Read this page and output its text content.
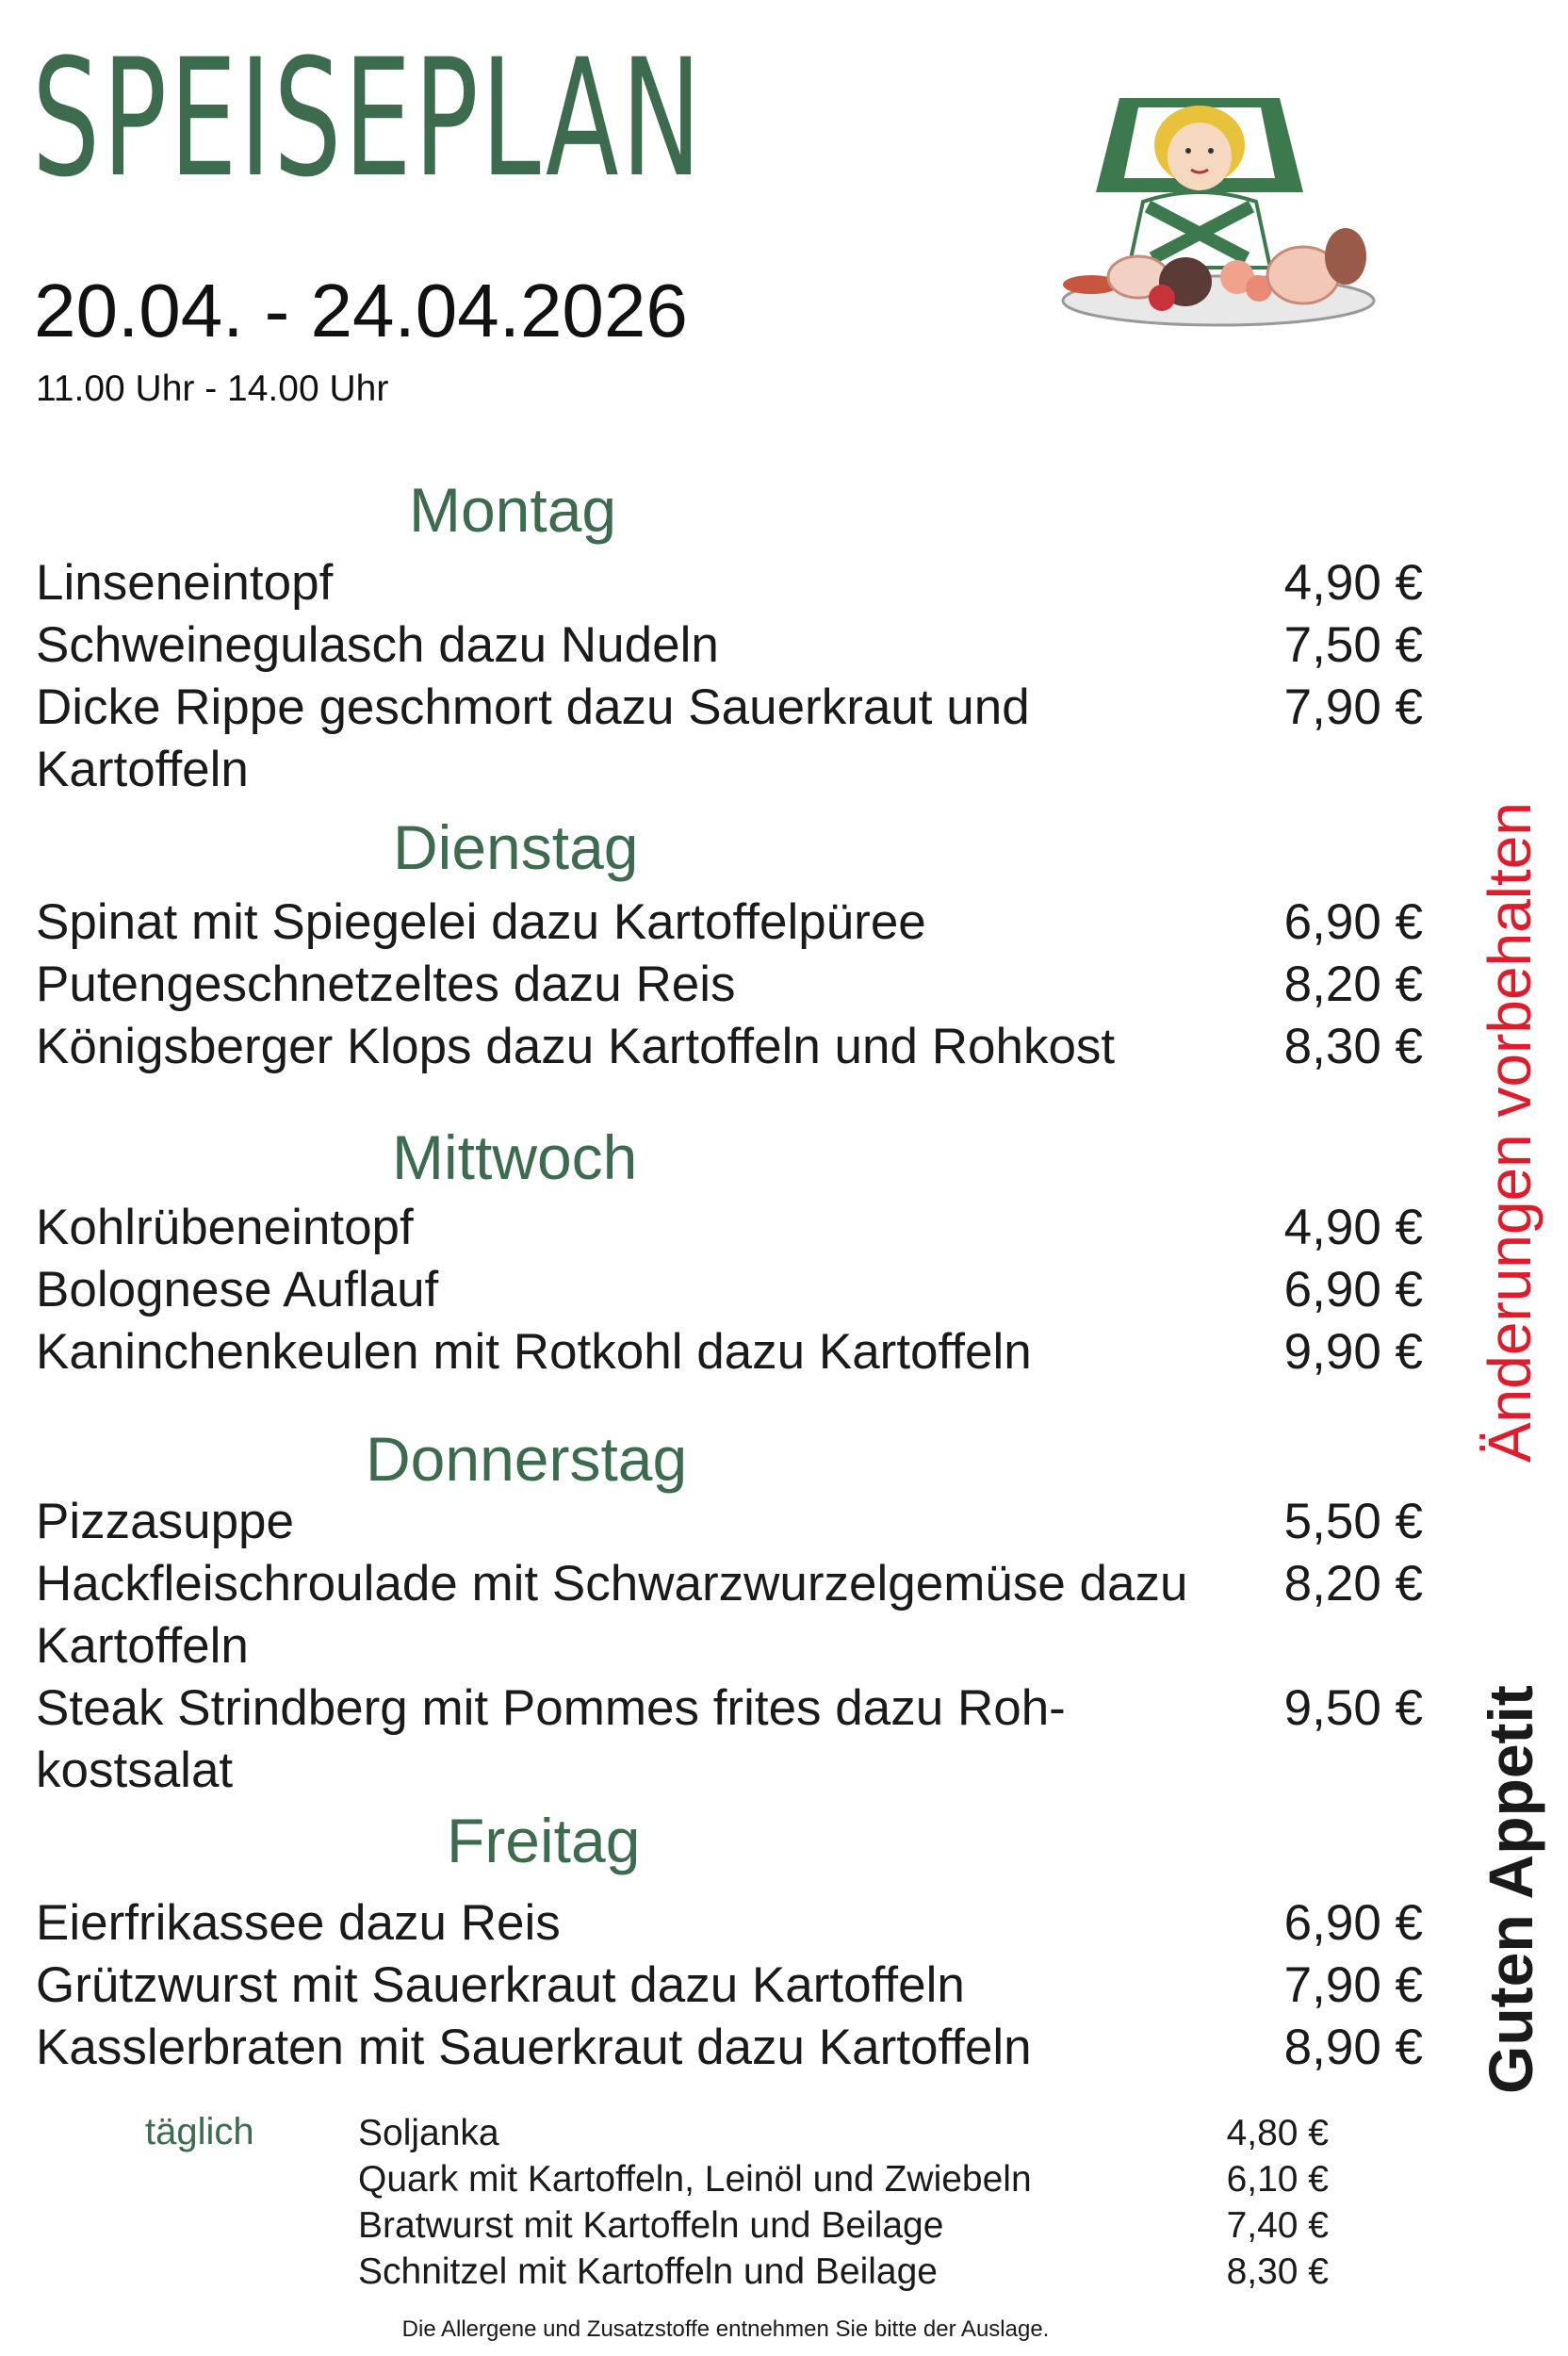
SPEISEPLAN
20.04. - 24.04.2026
11.00 Uhr - 14.00 Uhr
Montag
Linseneintopf	4,90 €
Schweinegulasch dazu Nudeln	7,50 €
Dicke Rippe geschmort dazu Sauerkraut und Kartoffeln
7,90 €
Dienstag
Spinat mit Spiegelei dazu Kartoffelpüree	6,90 €
Putengeschnetzeltes dazu Reis	8,20 €
Königsberger Klops dazu Kartoffeln und Rohkost	8,30 €
Mittwoch
Kohlrübeneintopf	4,90 €
Bolognese Auflauf	6,90 €
Kaninchenkeulen mit Rotkohl dazu Kartoffeln	9,90 €
Donnerstag
Pizzasuppe	5,50 €
Hackfleischroulade mit Schwarzwurzelgemüse dazu Kartoffeln
8,20 €
Steak Strindberg mit Pommes frites dazu Roh-kostsalat
9,50 €
Freitag
Eierfrikassee dazu Reis	6,90 €
Grützwurst mit Sauerkraut dazu Kartoffeln	7,90 €
Kasslerbraten mit Sauerkraut dazu Kartoffeln	8,90 €
Änderungen vorbehalten
Guten Appetit
täglich	Soljanka	4,80 €
Quark mit Kartoffeln, Leinöl und Zwiebeln	6,10 €
Bratwurst mit Kartoffeln und Beilage	7,40 €
Schnitzel mit Kartoffeln und Beilage	8,30 €
Die Allergene und Zusatzstoffe entnehmen Sie bitte der Auslage.
